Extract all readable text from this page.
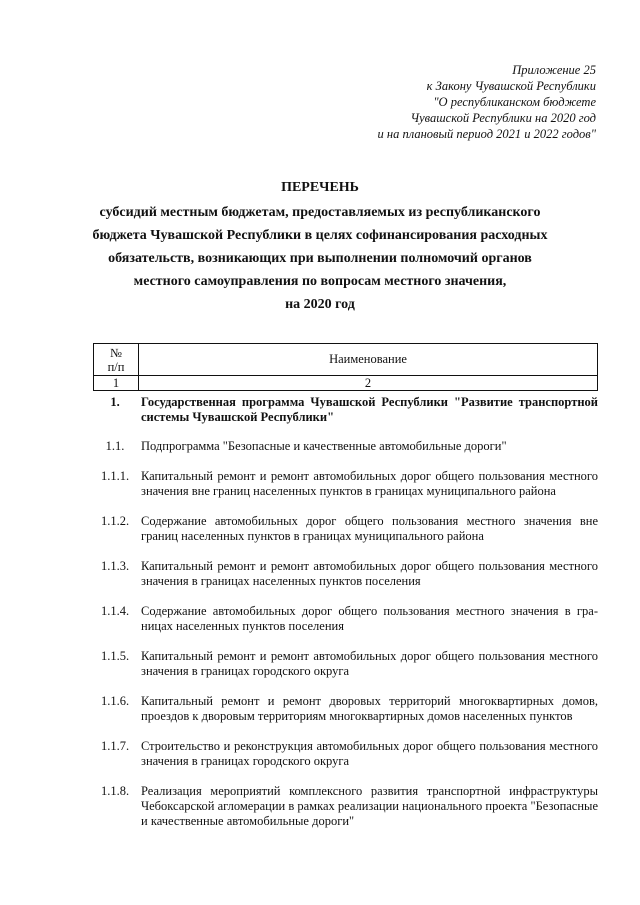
Приложение 25
к Закону Чувашской Республики
"О республиканском бюджете
Чувашской Республики на 2020 год
и на плановый период 2021 и 2022 годов"
ПЕРЕЧЕНЬ
субсидий местным бюджетам, предоставляемых из республиканского
бюджета Чувашской Республики в целях софинансирования расходных
обязательств, возникающих при выполнении полномочий органов
местного самоуправления по вопросам местного значения,
на 2020 год
№
п/п	Наименование
1	2
1.	Государственная программа Чувашской Республики "Развитие транспортной системы Чувашской Республики"
1.1.	Подпрограмма "Безопасные и качественные автомобильные дороги"
1.1.1. Капитальный ремонт и ремонт автомобильных дорог общего пользования местного значения вне границ населенных пунктов в границах муниципального района
1.1.2. Содержание автомобильных дорог общего пользования местного значения вне границ населенных пунктов в границах муниципального района
1.1.3. Капитальный ремонт и ремонт автомобильных дорог общего пользования местного значения в границах населенных пунктов поселения
1.1.4. Содержание автомобильных дорог общего пользования местного значения в границах населенных пунктов поселения
1.1.5. Капитальный ремонт и ремонт автомобильных дорог общего пользования местного значения в границах городского округа
1.1.6. Капитальный ремонт и ремонт дворовых территорий многоквартирных домов, проездов к дворовым территориям многоквартирных домов населенных пунктов
1.1.7. Строительство и реконструкция автомобильных дорог общего пользования местного значения в границах городского округа
1.1.8. Реализация мероприятий комплексного развития транспортной инфраструктуры Чебоксарской агломерации в рамках реализации национального проекта "Безопасные и качественные автомобильные дороги"
